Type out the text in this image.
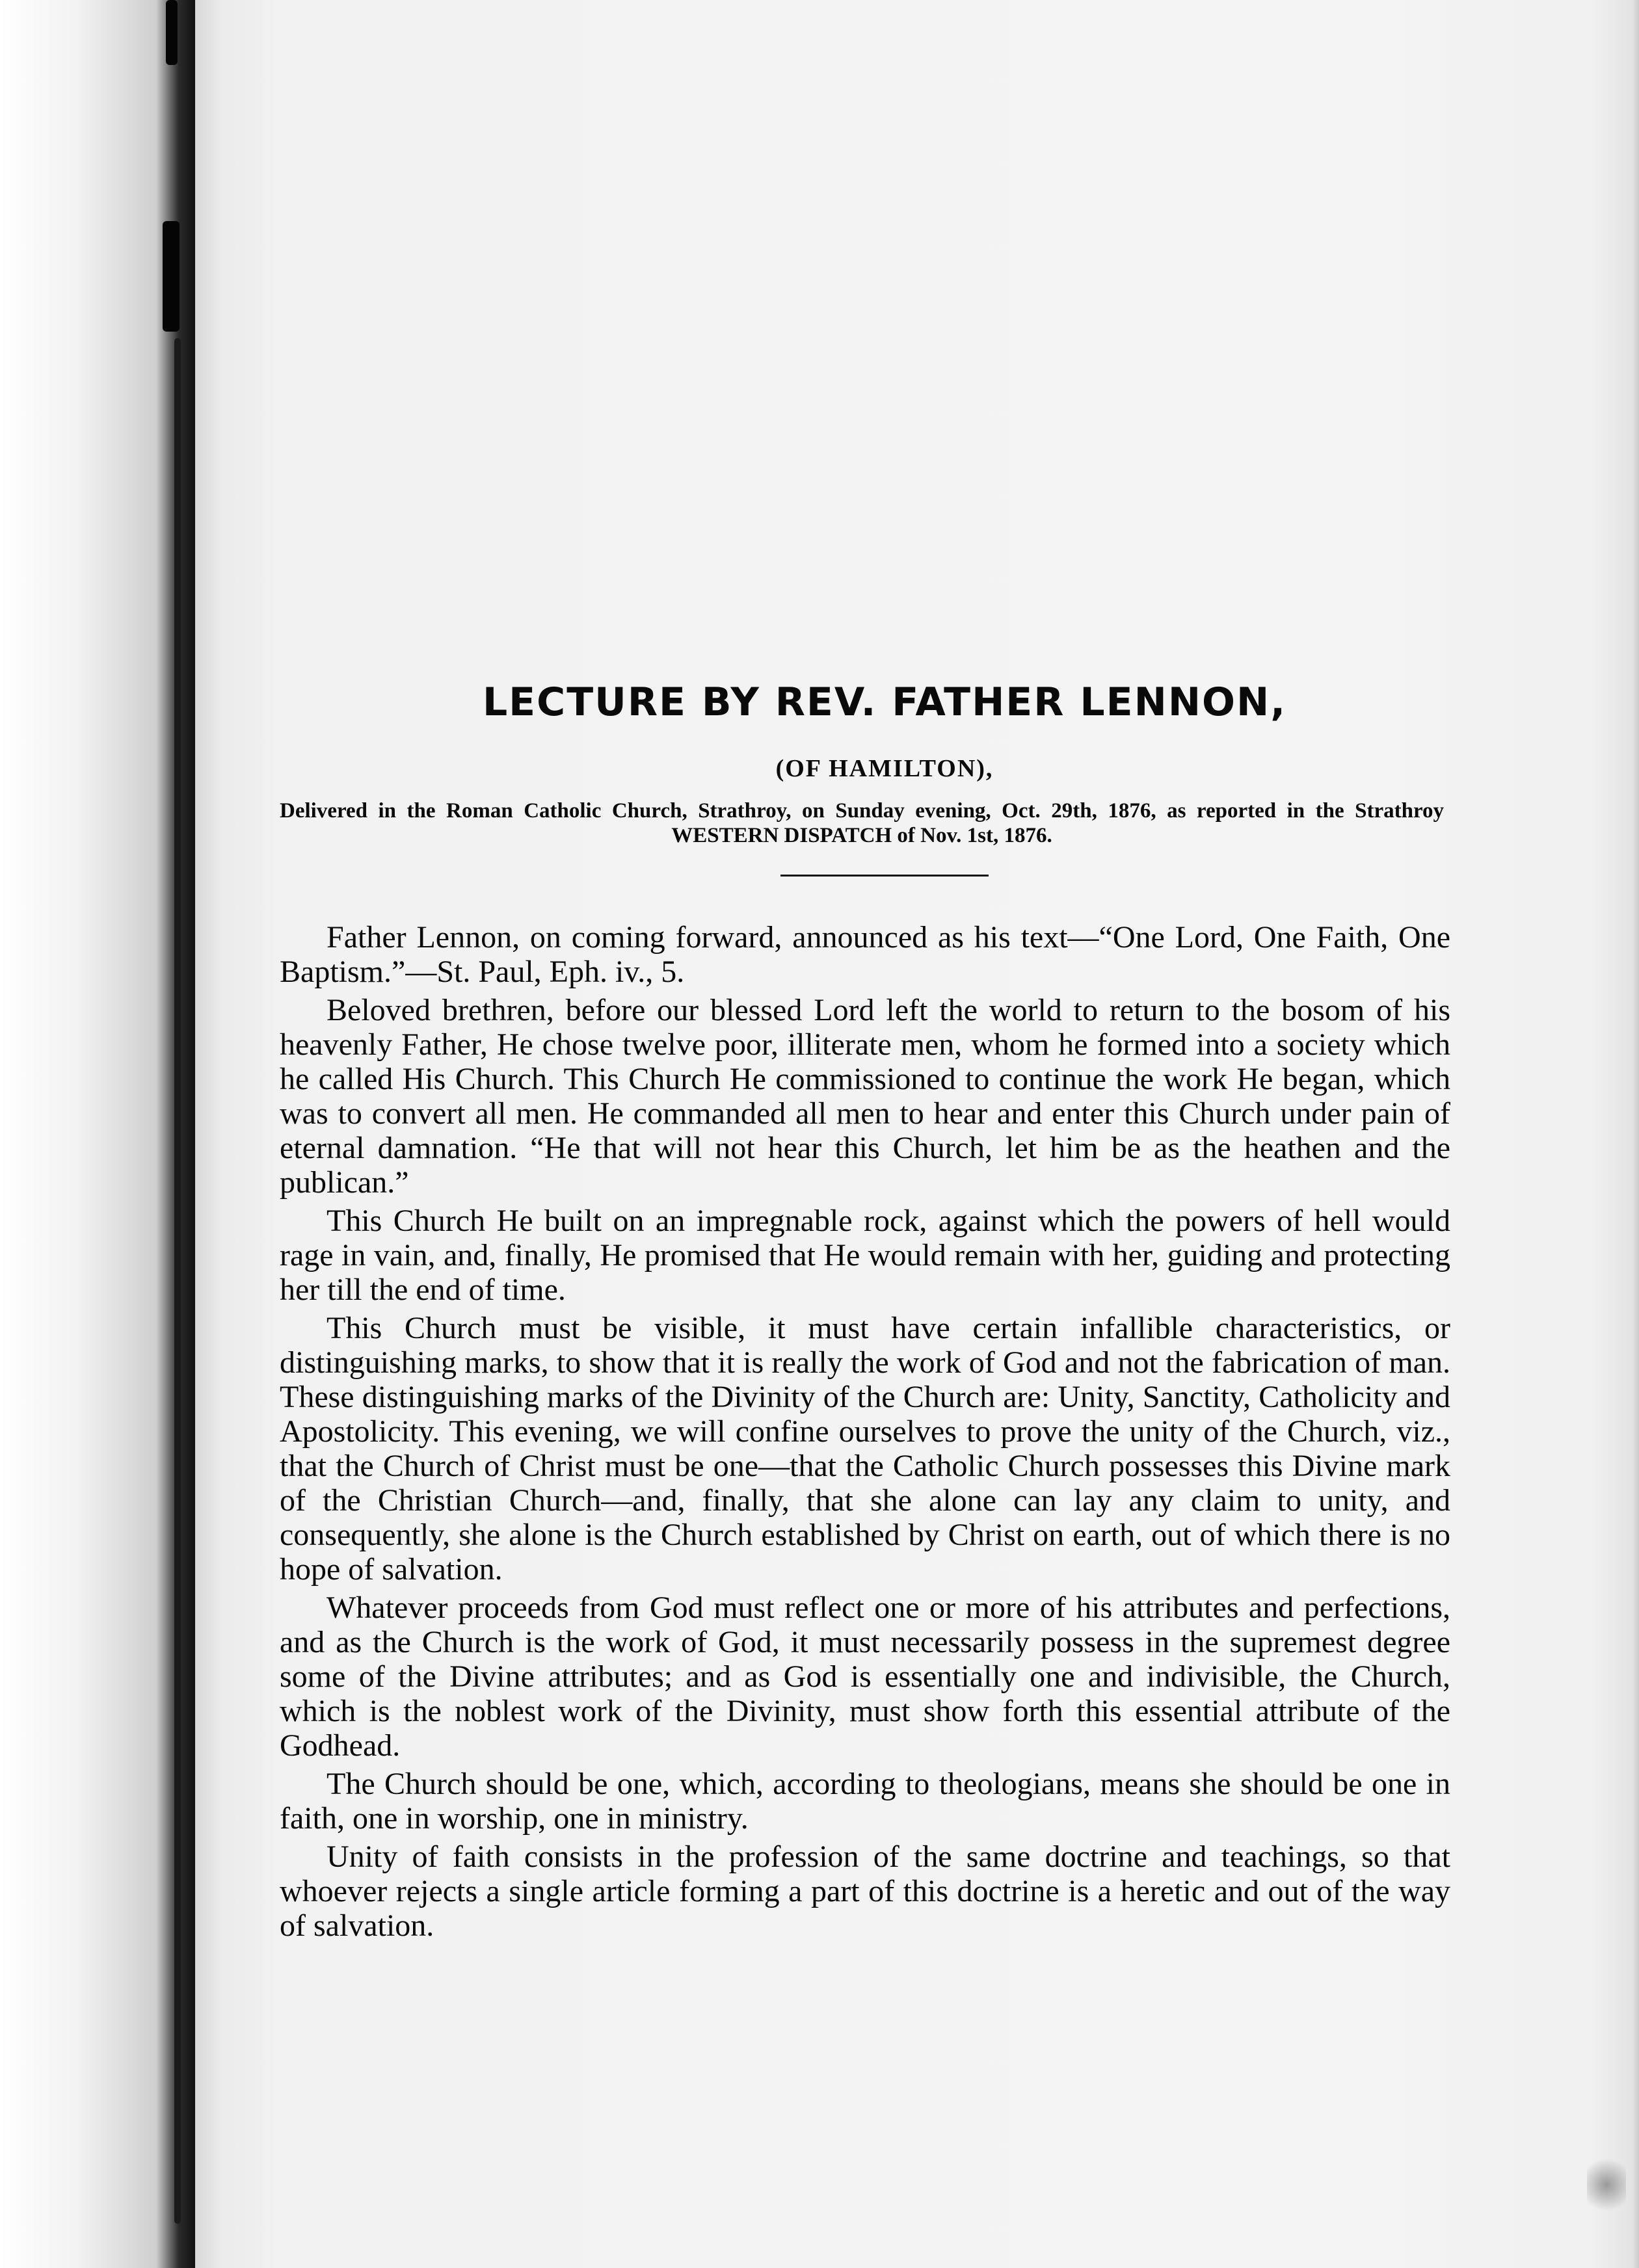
LECTURE BY REV. FATHER LENNON,
(OF HAMILTON),
Delivered in the Roman Catholic Church, Strathroy, on Sunday evening, Oct. 29th, 1876, as reported in the Strathroy WESTERN DISPATCH of Nov. 1st, 1876.

Father Lennon, on coming forward, announced as his text—“One Lord, One Faith, One Baptism.”—St. Paul, Eph. iv., 5.

Beloved brethren, before our blessed Lord left the world to return to the bosom of his heavenly Father, He chose twelve poor, illiterate men, whom he formed into a society which he called His Church. This Church He commissioned to continue the work He began, which was to convert all men. He commanded all men to hear and enter this Church under pain of eternal damnation. “He that will not hear this Church, let him be as the heathen and the publican.”

This Church He built on an impregnable rock, against which the powers of hell would rage in vain, and, finally, He promised that He would remain with her, guiding and protecting her till the end of time.

This Church must be visible, it must have certain infallible characteristics, or distinguishing marks, to show that it is really the work of God and not the fabrication of man. These distinguishing marks of the Divinity of the Church are: Unity, Sanctity, Catholicity and Apostolicity. This evening, we will confine ourselves to prove the unity of the Church, viz., that the Church of Christ must be one—that the Catholic Church possesses this Divine mark of the Christian Church—and, finally, that she alone can lay any claim to unity, and consequently, she alone is the Church established by Christ on earth, out of which there is no hope of salvation.

Whatever proceeds from God must reflect one or more of his attributes and perfections, and as the Church is the work of God, it must necessarily possess in the supremest degree some of the Divine attributes; and as God is essentially one and indivisible, the Church, which is the noblest work of the Divinity, must show forth this essential attribute of the Godhead.

The Church should be one, which, according to theologians, means she should be one in faith, one in worship, one in ministry.

Unity of faith consists in the profession of the same doctrine and teachings, so that whoever rejects a single article forming a part of this doctrine is a heretic and out of the way of salvation.
